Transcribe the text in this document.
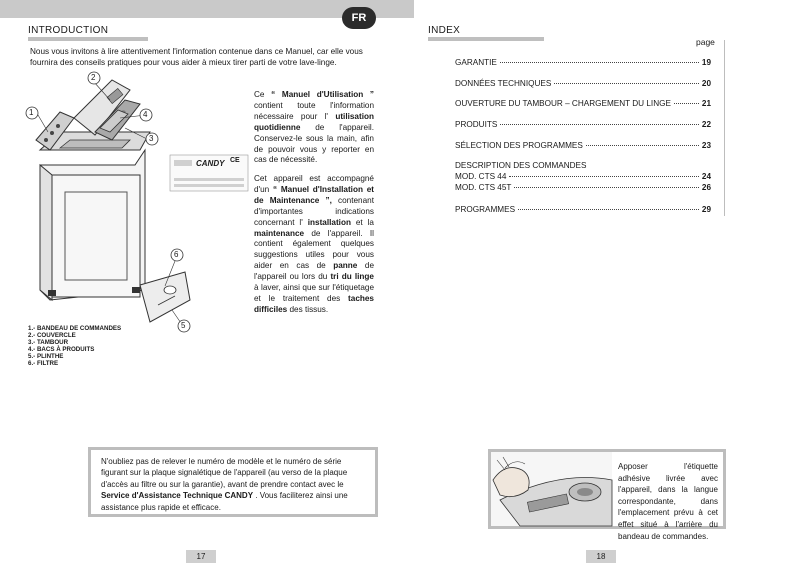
FR
INTRODUCTION
Nous vous invitons à lire attentivement l'information contenue dans ce Manuel, car elle vous fournira des conseils pratiques pour vous aider à mieux tirer parti de votre lave-linge.
1
2
3
4
5
6
CANDY CE
Ce “ Manuel d'Utilisation ” contient toute l'information nécessaire pour l' utilisation quotidienne de l'appareil. Conservez-le sous la main, afin de pouvoir vous y reporter en cas de nécessité.
Cet appareil est accompagné d'un “ Manuel d'Installation et de Maintenance ”, contenant d'importantes indications concernant l' installation et la maintenance de l'appareil. Il contient également quelques suggestions utiles pour vous aider en cas de panne de l'appareil ou lors du tri du linge à laver, ainsi que sur l'étiquetage et le traitement des taches difficiles des tissus.
1.- BANDEAU DE COMMANDES
2.- COUVERCLE
3.- TAMBOUR
4.- BACS À PRODUITS
5.- PLINTHE
6.- FILTRE
N'oubliez pas de relever le numéro de modèle et le numéro de série figurant sur la plaque signalétique de l'appareil (au verso de la plaque d'accès au filtre ou sur la garantie), avant de prendre contact avec le Service d'Assistance Technique CANDY . Vous faciliterez ainsi une assistance plus rapide et efficace.
17
INDEX
page
GARANTIE	19
DONNÉES TECHNIQUES	20
OUVERTURE DU TAMBOUR – CHARGEMENT DU LINGE	21
PRODUITS	22
SÉLECTION DES PROGRAMMES	23
DESCRIPTION DES COMMANDES
MOD. CTS 44	24
MOD. CTS 45T	26
PROGRAMMES	29
Apposer l'étiquette adhésive livrée avec l'appareil, dans la langue correspondante, dans l'emplacement prévu à cet effet situé à l'arrière du bandeau de commandes.
18
